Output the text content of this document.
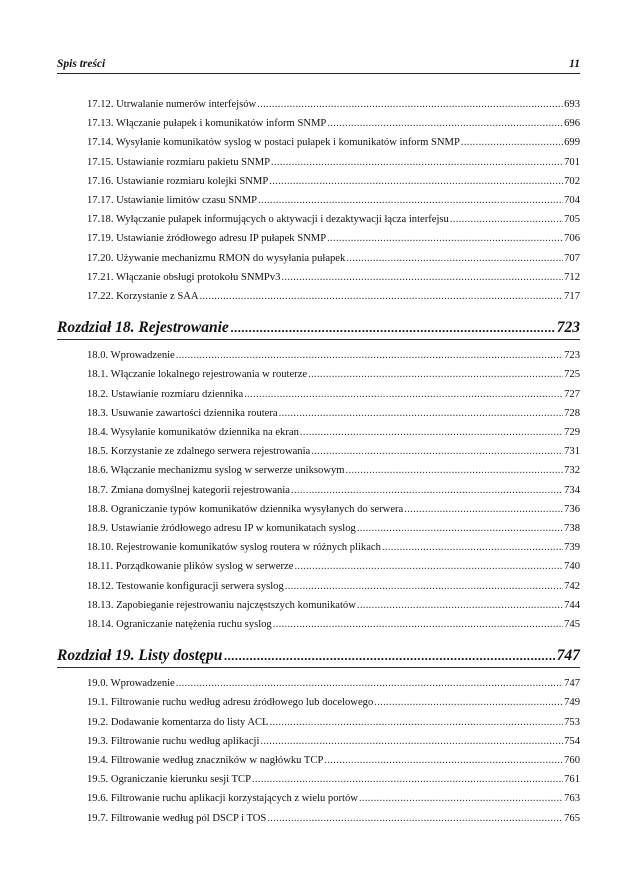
Spis treści	11
17.12. Utrwalanie numerów interfejsów .....	693
17.13. Włączanie pułapek i komunikatów inform SNMP .....	696
17.14. Wysyłanie komunikatów syslog w postaci pułapek i komunikatów inform SNMP .....	699
17.15. Ustawianie rozmiaru pakietu SNMP .....	701
17.16. Ustawianie rozmiaru kolejki SNMP .....	702
17.17. Ustawianie limitów czasu SNMP .....	704
17.18. Wyłączanie pułapek informujących o aktywacji i dezaktywacji łącza interfejsu .....	705
17.19. Ustawianie źródłowego adresu IP pułapek SNMP .....	706
17.20. Używanie mechanizmu RMON do wysyłania pułapek .....	707
17.21. Włączanie obsługi protokołu SNMPv3 .....	712
17.22. Korzystanie z SAA .....	717
Rozdział 18. Rejestrowanie .....	723
18.0. Wprowadzenie .....	723
18.1. Włączanie lokalnego rejestrowania w routerze .....	725
18.2. Ustawianie rozmiaru dziennika .....	727
18.3. Usuwanie zawartości dziennika routera .....	728
18.4. Wysyłanie komunikatów dziennika na ekran .....	729
18.5. Korzystanie ze zdalnego serwera rejestrowania .....	731
18.6. Włączanie mechanizmu syslog w serwerze uniksowym .....	732
18.7. Zmiana domyślnej kategorii rejestrowania .....	734
18.8. Ograniczanie typów komunikatów dziennika wysyłanych do serwera .....	736
18.9. Ustawianie źródłowego adresu IP w komunikatach syslog .....	738
18.10. Rejestrowanie komunikatów syslog routera w różnych plikach .....	739
18.11. Porządkowanie plików syslog w serwerze .....	740
18.12. Testowanie konfiguracji serwera syslog .....	742
18.13. Zapobieganie rejestrowaniu najczęstszych komunikatów .....	744
18.14. Ograniczanie natężenia ruchu syslog .....	745
Rozdział 19. Listy dostępu .....	747
19.0. Wprowadzenie .....	747
19.1. Filtrowanie ruchu według adresu źródłowego lub docelowego .....	749
19.2. Dodawanie komentarza do listy ACL .....	753
19.3. Filtrowanie ruchu według aplikacji .....	754
19.4. Filtrowanie według znaczników w nagłówku TCP .....	760
19.5. Ograniczanie kierunku sesji TCP .....	761
19.6. Filtrowanie ruchu aplikacji korzystających z wielu portów .....	763
19.7. Filtrowanie według pól DSCP i TOS .....	765
